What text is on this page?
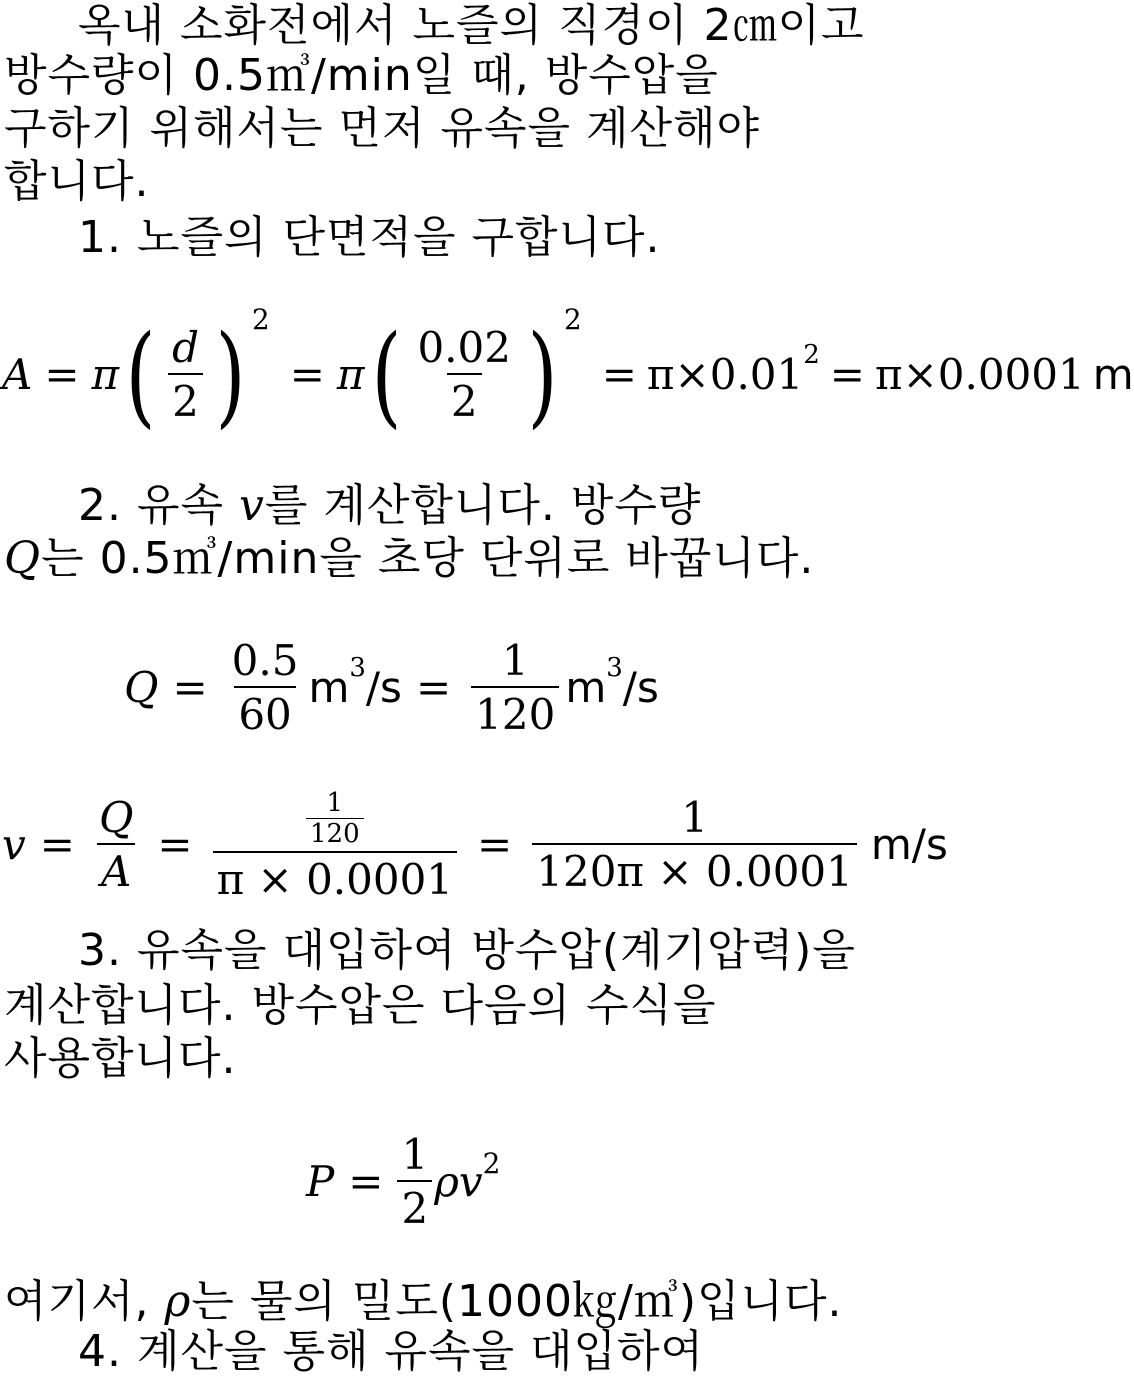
옥내 소화전에서 노즐의 직경이 2㎝이고
방수량이 0.5㎥/min일 때, 방수압을
구하기 위해서는 먼저 유속을 계산해야
합니다.
1. 노즐의 단면적을 구합니다.
A = π ( $\frac{d}{2}$ ) 2
= π ( $\frac{0.02}{2}$ ) 2
= $\pi\times 0.01^2 = \pi\times 0.0001$ m
2. 유속 v를 계산합니다. 방수량
Q는 0.5㎥/min을 초당 단위로 바꿉니다.
$Q = \frac{0.5}{60} m^3/s = \frac{1}{120} m^3/s$
$v = \frac{Q}{A} = \frac{\frac{1}{120}}{\pi \times 0.0001} = \frac{1}{120\pi \times 0.0001} m/s$
3. 유속을 대입하여 방수압(계기압력)을
계산합니다. 방수압은 다음의 수식을
사용합니다.
$P = \frac{1}{2}$ ρ $v^2$
여기서, ρ는 물의 밀도(1000㎏/㎥)입니다.
4. 계산을 통해 유속을 대입하여
